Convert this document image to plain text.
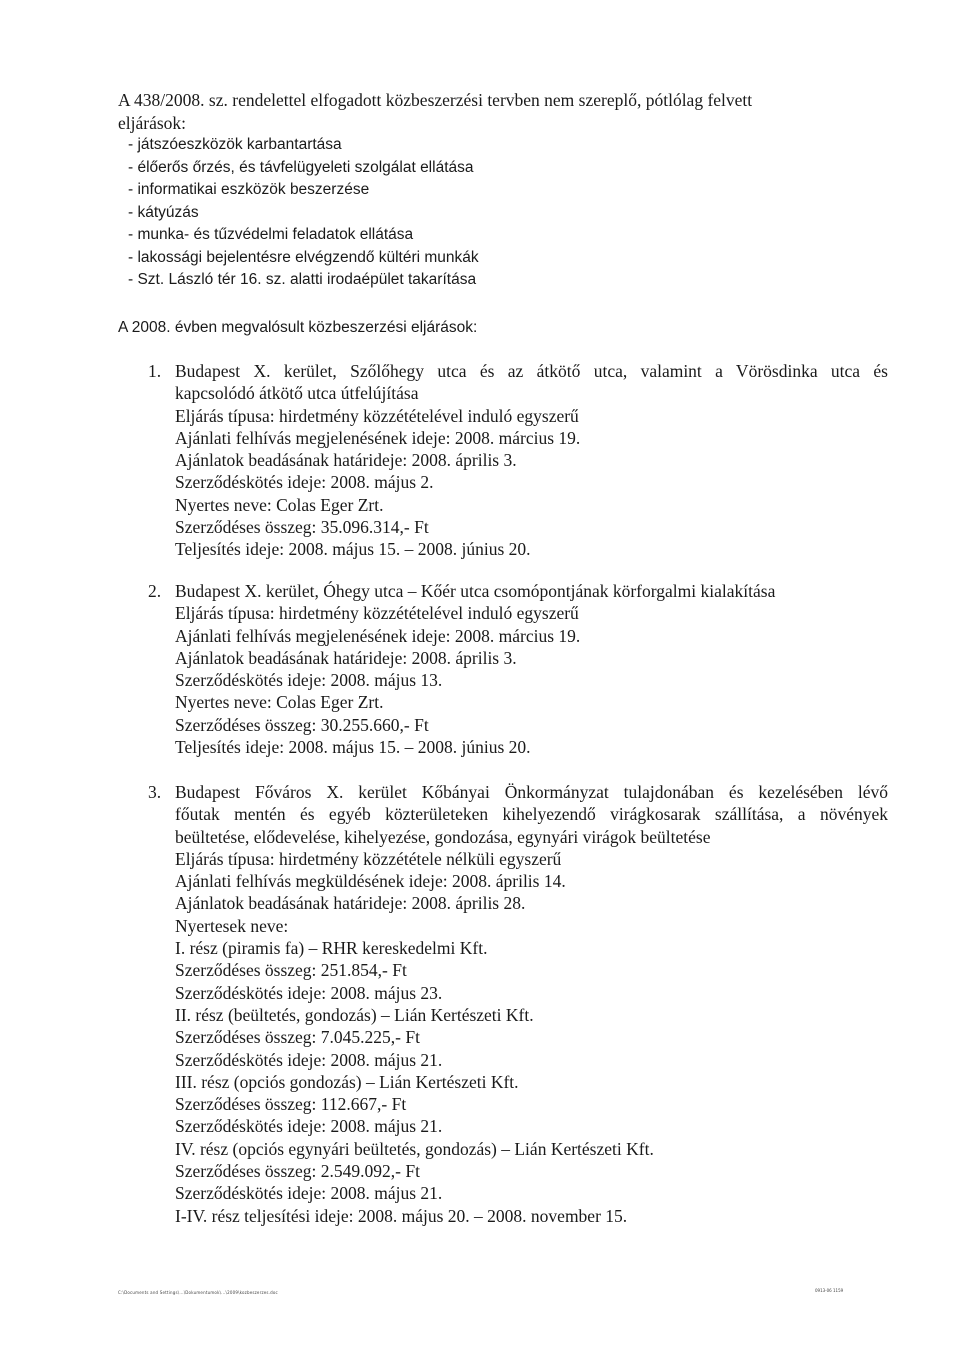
A 438/2008. sz. rendelettel elfogadott közbeszerzési tervben nem szereplő, pótlólag felvett
eljárások:
- játszóeszközök karbantartása
- élőerős őrzés, és távfelügyeleti szolgálat ellátása
- informatikai eszközök beszerzése
- kátyúzás
- munka- és tűzvédelmi feladatok ellátása
- lakossági bejelentésre elvégzendő kültéri munkák
- Szt. László tér 16. sz. alatti irodaépület takarítása
A 2008. évben megvalósult közbeszerzési eljárások:
1. Budapest X. kerület, Szőlőhegy utca és az átkötő utca, valamint a Vörösdinka utca és
kapcsolódó átkötő utca útfelújítása
Eljárás típusa: hirdetmény közzétételével induló egyszerű
Ajánlati felhívás megjelenésének ideje: 2008. március 19.
Ajánlatok beadásának határideje: 2008. április 3.
Szerződéskötés ideje: 2008. május 2.
Nyertes neve: Colas Eger Zrt.
Szerződéses összeg: 35.096.314,- Ft
Teljesítés ideje: 2008. május 15. – 2008. június 20.
2. Budapest X. kerület, Óhegy utca – Kőér utca csomópontjának körforgalmi kialakítása
Eljárás típusa: hirdetmény közzétételével induló egyszerű
Ajánlati felhívás megjelenésének ideje: 2008. március 19.
Ajánlatok beadásának határideje: 2008. április 3.
Szerződéskötés ideje: 2008. május 13.
Nyertes neve: Colas Eger Zrt.
Szerződéses összeg: 30.255.660,- Ft
Teljesítés ideje: 2008. május 15. – 2008. június 20.
3. Budapest Főváros X. kerület Kőbányai Önkormányzat tulajdonában és kezelésében lévő
főutak mentén és egyéb közterületeken kihelyezendő virágkosarak szállítása, a növények
beültetése, elődevelése, kihelyezése, gondozása, egynyári virágok beültetése
Eljárás típusa: hirdetmény közzététele nélküli egyszerű
Ajánlati felhívás megküldésének ideje: 2008. április 14.
Ajánlatok beadásának határideje: 2008. április 28.
Nyertesek neve:
I. rész (piramis fa) – RHR kereskedelmi Kft.
Szerződéses összeg: 251.854,- Ft
Szerződéskötés ideje: 2008. május 23.
II. rész (beültetés, gondozás) – Lián Kertészeti Kft.
Szerződéses összeg: 7.045.225,- Ft
Szerződéskötés ideje: 2008. május 21.
III. rész (opciós gondozás) – Lián Kertészeti Kft.
Szerződéses összeg: 112.667,- Ft
Szerződéskötés ideje: 2008. május 21.
IV. rész (opciós egynyári beültetés, gondozás) – Lián Kertészeti Kft.
Szerződéses összeg: 2.549.092,- Ft
Szerződéskötés ideje: 2008. május 21.
I-IV. rész teljesítési ideje: 2008. május 20. – 2008. november 15.
C:\Documents and Settings\...\Dokumentumok\...\2009\kozbeszerzes.doc	0913-06 1159
